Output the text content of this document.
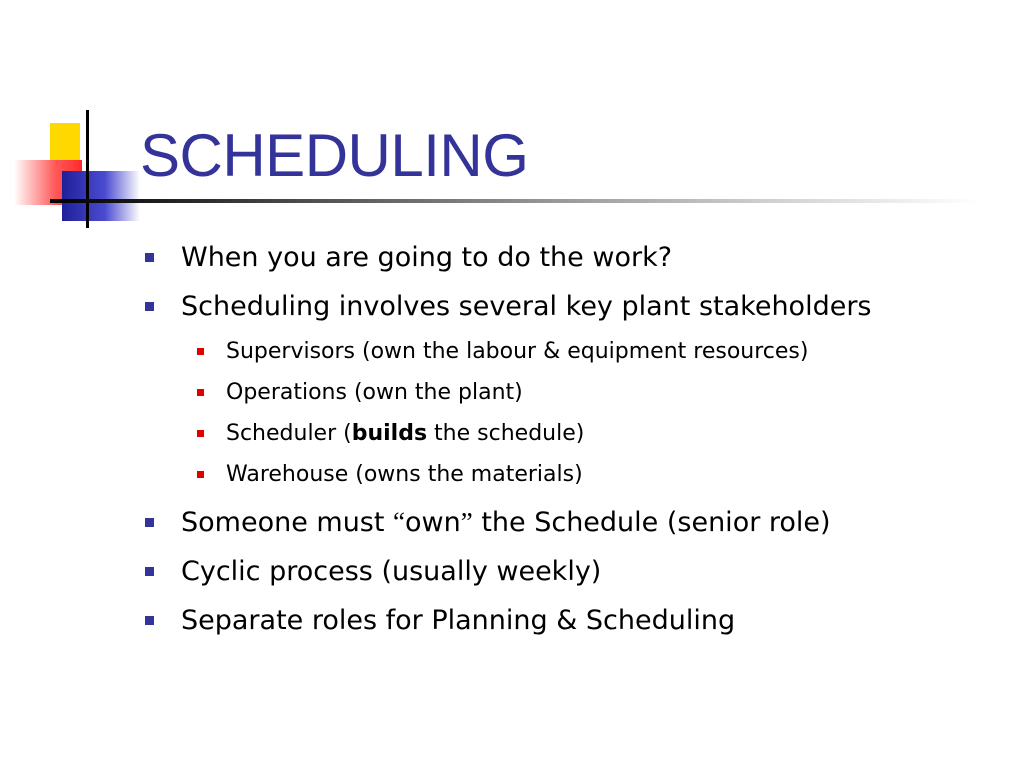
SCHEDULING
When you are going to do the work?
Scheduling involves several key plant stakeholders
Supervisors (own the labour & equipment resources)
Operations (own the plant)
Scheduler (builds the schedule)
Warehouse (owns the materials)
Someone must “own” the Schedule (senior role)
Cyclic process (usually weekly)
Separate roles for Planning & Scheduling
